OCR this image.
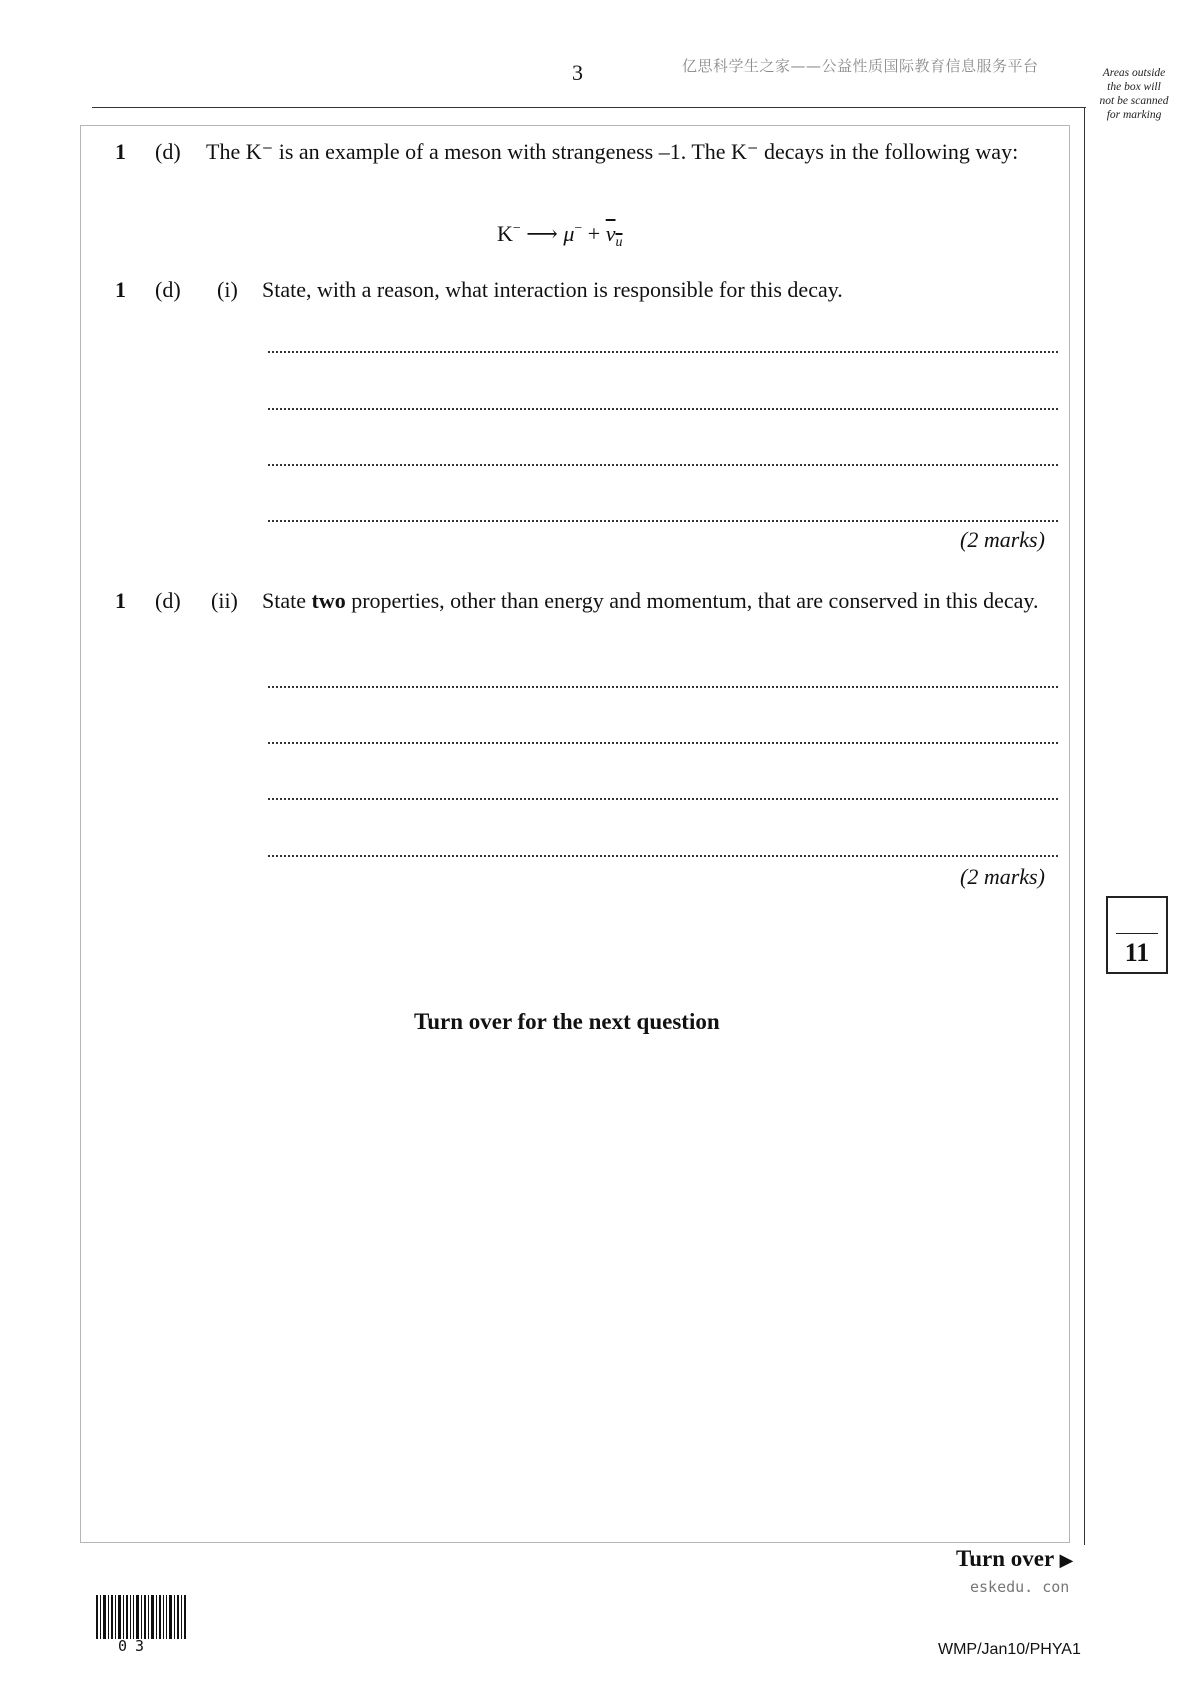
3	亿思科学生之家——公益性质国际教育信息服务平台	Areas outside
the box will
not be scanned
for marking
1 (d) The K⁻ is an example of a meson with strangeness –1. The K⁻ decays in the following way:
K− ⟶ $\mu^- + v_u$
1 (d) (i) State, with a reason, what interaction is responsible for this decay.
(2 marks)
1 (d) (ii) State two properties, other than energy and momentum, that are conserved in this decay.
(2 marks)
11
Turn over for the next question
Turn over ▶
eskedu. con
WMP/Jan10/PHYA1
03
